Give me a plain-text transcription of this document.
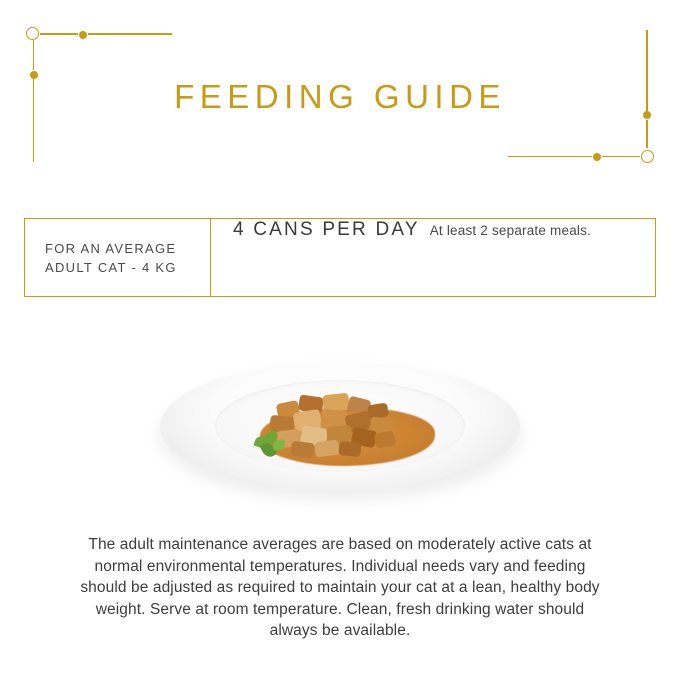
FEEDING GUIDE
FOR AN AVERAGE
ADULT CAT - 4 KG
4 CANS PER DAY At least 2 separate meals.

The adult maintenance averages are based on moderately active cats at normal environmental temperatures. Individual needs vary and feeding should be adjusted as required to maintain your cat at a lean, healthy body weight. Serve at room temperature. Clean, fresh drinking water should always be available.
